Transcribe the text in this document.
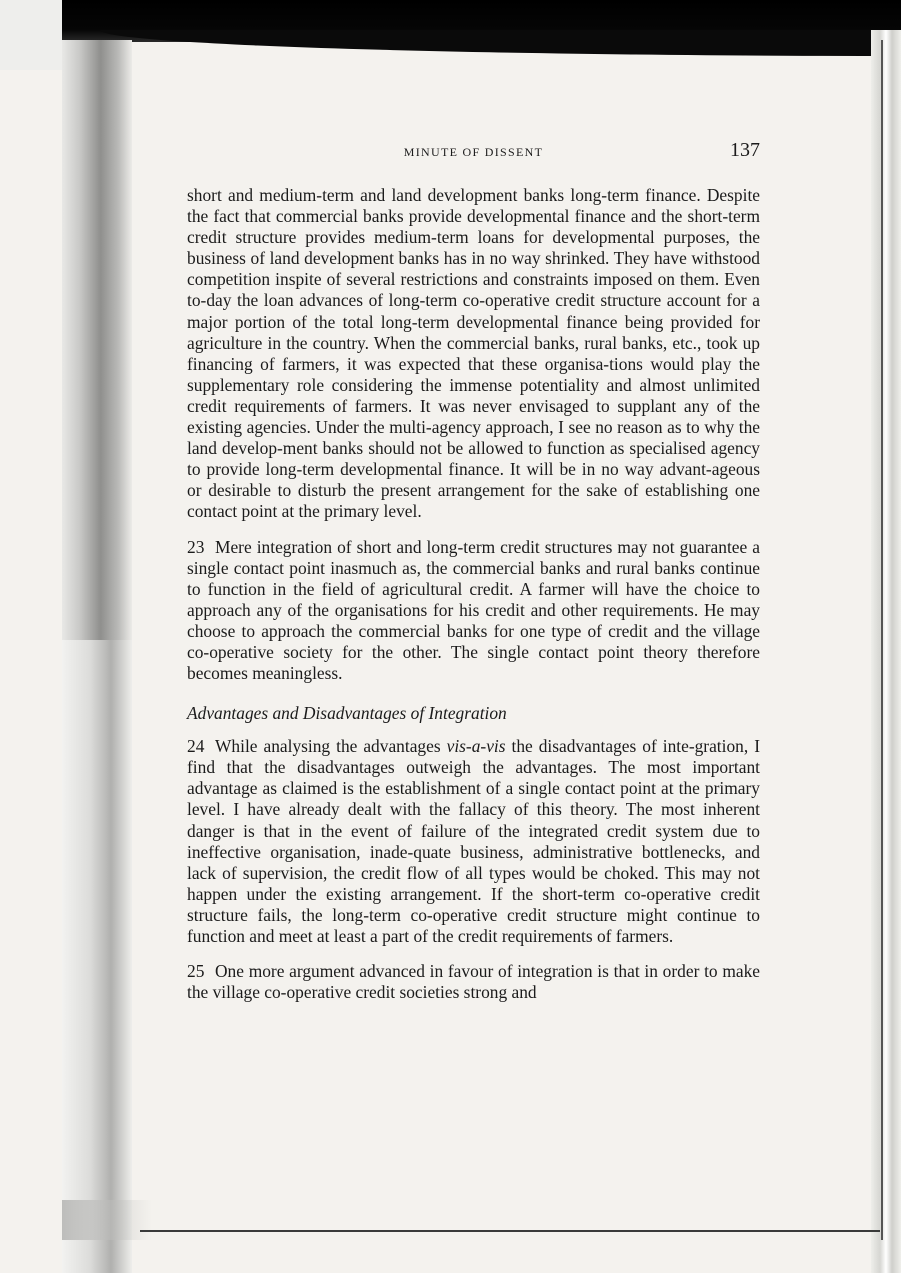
MINUTE OF DISSENT	137

short and medium-term and land development banks long-term finance. Despite the fact that commercial banks provide developmental finance and the short-term credit structure provides medium-term loans for developmental purposes, the business of land development banks has in no way shrinked. They have withstood competition inspite of several restrictions and constraints imposed on them. Even to-day the loan advances of long-term co-operative credit structure account for a major portion of the total long-term developmental finance being provided for agriculture in the country. When the commercial banks, rural banks, etc., took up financing of farmers, it was expected that these organisa-tions would play the supplementary role considering the immense potentiality and almost unlimited credit requirements of farmers. It was never envisaged to supplant any of the existing agencies. Under the multi-agency approach, I see no reason as to why the land develop-ment banks should not be allowed to function as specialised agency to provide long-term developmental finance. It will be in no way advant-ageous or desirable to disturb the present arrangement for the sake of establishing one contact point at the primary level.

23 Mere integration of short and long-term credit structures may not guarantee a single contact point inasmuch as, the commercial banks and rural banks continue to function in the field of agricultural credit. A farmer will have the choice to approach any of the organisations for his credit and other requirements. He may choose to approach the commercial banks for one type of credit and the village co-operative society for the other. The single contact point theory therefore becomes meaningless.

Advantages and Disadvantages of Integration

24 While analysing the advantages vis-a-vis the disadvantages of inte-gration, I find that the disadvantages outweigh the advantages. The most important advantage as claimed is the establishment of a single contact point at the primary level. I have already dealt with the fallacy of this theory. The most inherent danger is that in the event of failure of the integrated credit system due to ineffective organisation, inade-quate business, administrative bottlenecks, and lack of supervision, the credit flow of all types would be choked. This may not happen under the existing arrangement. If the short-term co-operative credit structure fails, the long-term co-operative credit structure might continue to function and meet at least a part of the credit requirements of farmers.

25 One more argument advanced in favour of integration is that in order to make the village co-operative credit societies strong and
